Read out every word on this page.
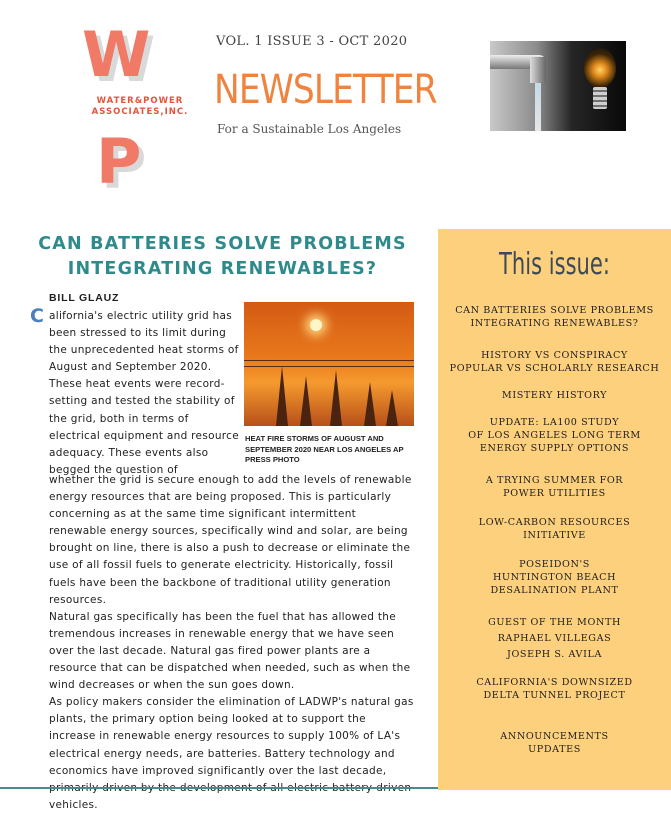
W
WATER&POWER
ASSOCIATES,INC.
P
VOL. 1 ISSUE 3 - OCT 2020
NEWSLETTER
For a Sustainable Los Angeles
CAN BATTERIES SOLVE PROBLEMS INTEGRATING RENEWABLES?
BILL GLAUZ
C alifornia's electric utility grid has been stressed to its limit during the unprecedented heat storms of August and September 2020. These heat events were record-setting and tested the stability of the grid, both in terms of electrical equipment and resource adequacy. These events also begged the question of

HEAT FIRE STORMS OF AUGUST AND SEPTEMBER 2020 NEAR LOS ANGELES AP PRESS PHOTO

whether the grid is secure enough to add the levels of renewable energy resources that are being proposed. This is particularly concerning as at the same time significant intermittent renewable energy sources, specifically wind and solar, are being brought on line, there is also a push to decrease or eliminate the use of all fossil fuels to generate electricity. Historically, fossil fuels have been the backbone of traditional utility generation resources.

Natural gas specifically has been the fuel that has allowed the tremendous increases in renewable energy that we have seen over the last decade. Natural gas fired power plants are a resource that can be dispatched when needed, such as when the wind decreases or when the sun goes down.

As policy makers consider the elimination of LADWP's natural gas plants, the primary option being looked at to support the increase in renewable energy resources to supply 100% of LA's electrical energy needs, are batteries. Battery technology and economics have improved significantly over the last decade, vehicles.

This issue:
CAN BATTERIES SOLVE PROBLEMS
INTEGRATING RENEWABLES?
HISTORY VS CONSPIRACY
POPULAR VS SCHOLARLY RESEARCH
MISTERY HISTORY
UPDATE: LA100 STUDY
OF LOS ANGELES LONG TERM
ENERGY SUPPLY OPTIONS
A TRYING SUMMER FOR
POWER UTILITIES
LOW-CARBON RESOURCES
INITIATIVE
POSEIDON'S
HUNTINGTON BEACH
DESALINATION PLANT
GUEST OF THE MONTH
RAPHAEL VILLEGAS
JOSEPH S. AVILA
CALIFORNIA'S DOWNSIZED
DELTA TUNNEL PROJECT
ANNOUNCEMENTS
UPDATES
